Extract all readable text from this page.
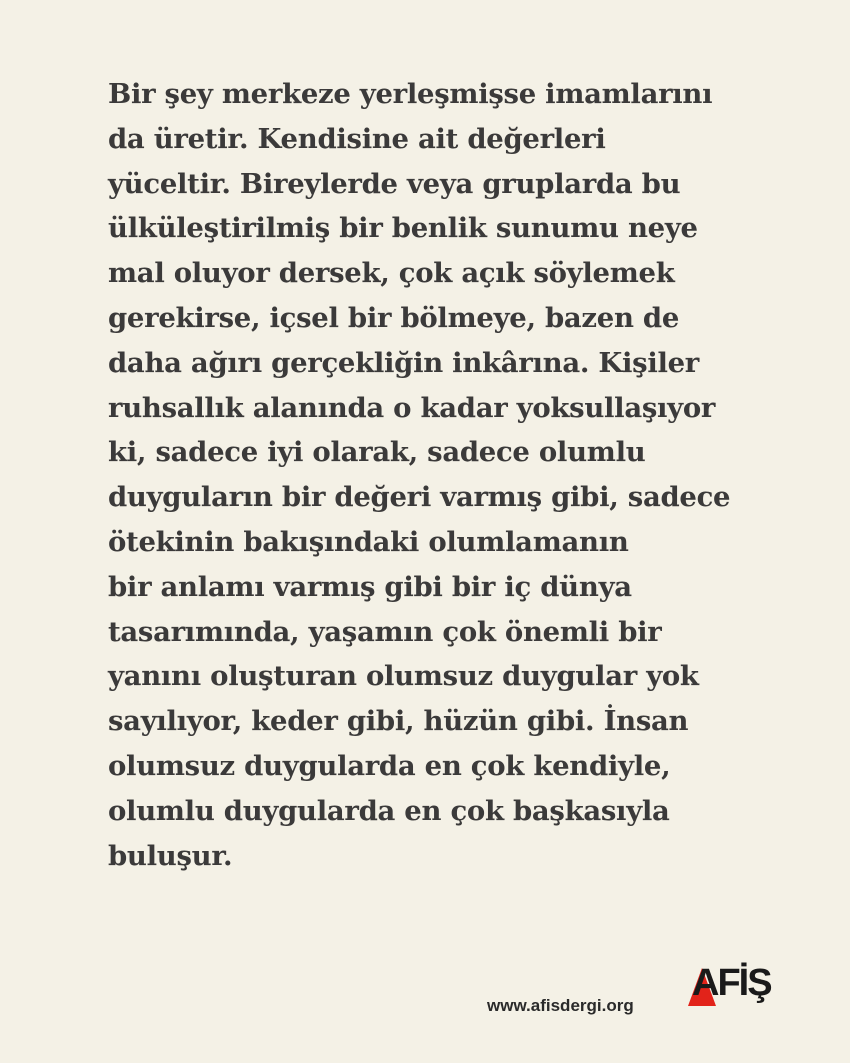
Bir şey merkeze yerleşmişse imamlarını
da üretir. Kendisine ait değerleri
yüceltir. Bireylerde veya gruplarda bu
ülküleştirilmiş bir benlik sunumu neye
mal oluyor dersek, çok açık söylemek
gerekirse, içsel bir bölmeye, bazen de
daha ağırı gerçekliğin inkârına. Kişiler
ruhsallık alanında o kadar yoksullaşıyor
ki, sadece iyi olarak, sadece olumlu
duyguların bir değeri varmış gibi, sadece
ötekinin bakışındaki olumlamanın
bir anlamı varmış gibi bir iç dünya
tasarımında, yaşamın çok önemli bir
yanını oluşturan olumsuz duygular yok
sayılıyor, keder gibi, hüzün gibi. İnsan
olumsuz duygularda en çok kendiyle,
olumlu duygularda en çok başkasıyla
buluşur.
www.afisdergi.org
AFİŞ
